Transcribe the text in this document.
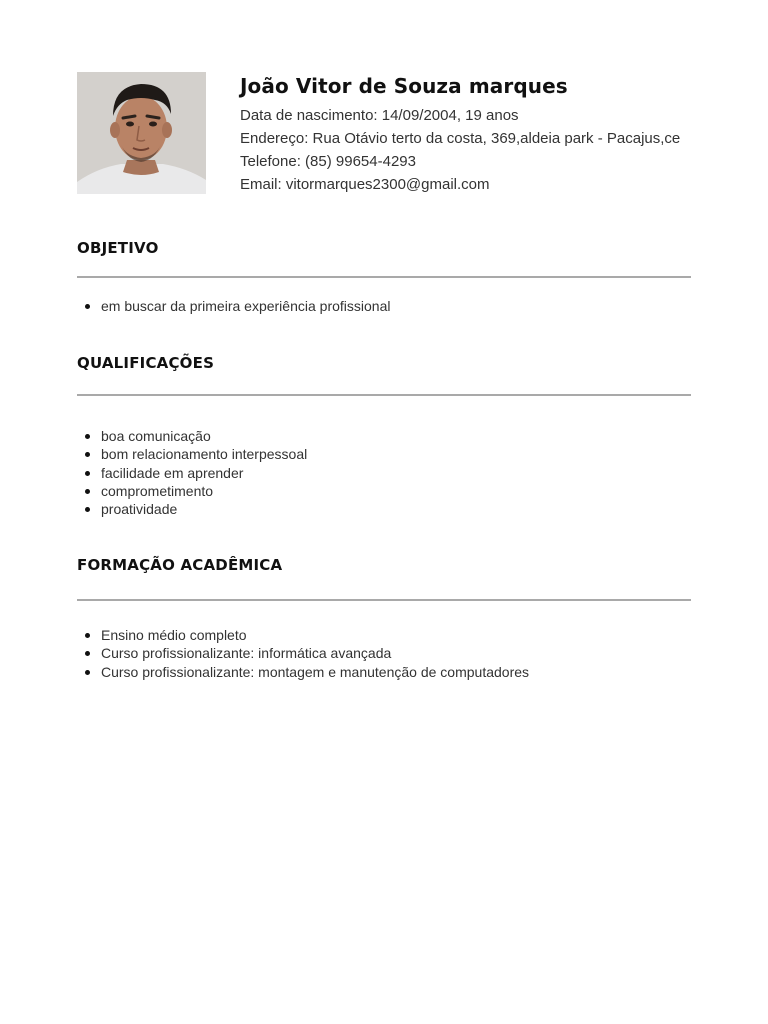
João Vitor de Souza marques
Data de nascimento: 14/09/2004, 19 anos
Endereço: Rua Otávio terto da costa, 369,aldeia park - Pacajus,ce
Telefone: (85) 99654-4293
Email: vitormarques2300@gmail.com
OBJETIVO
em buscar da primeira experiência profissional
QUALIFICAÇÕES
boa comunicação
bom relacionamento interpessoal
facilidade em aprender
comprometimento
proatividade
FORMAÇÃO ACADÊMICA
Ensino médio completo
Curso profissionalizante: informática avançada
Curso profissionalizante: montagem e manutenção de computadores
